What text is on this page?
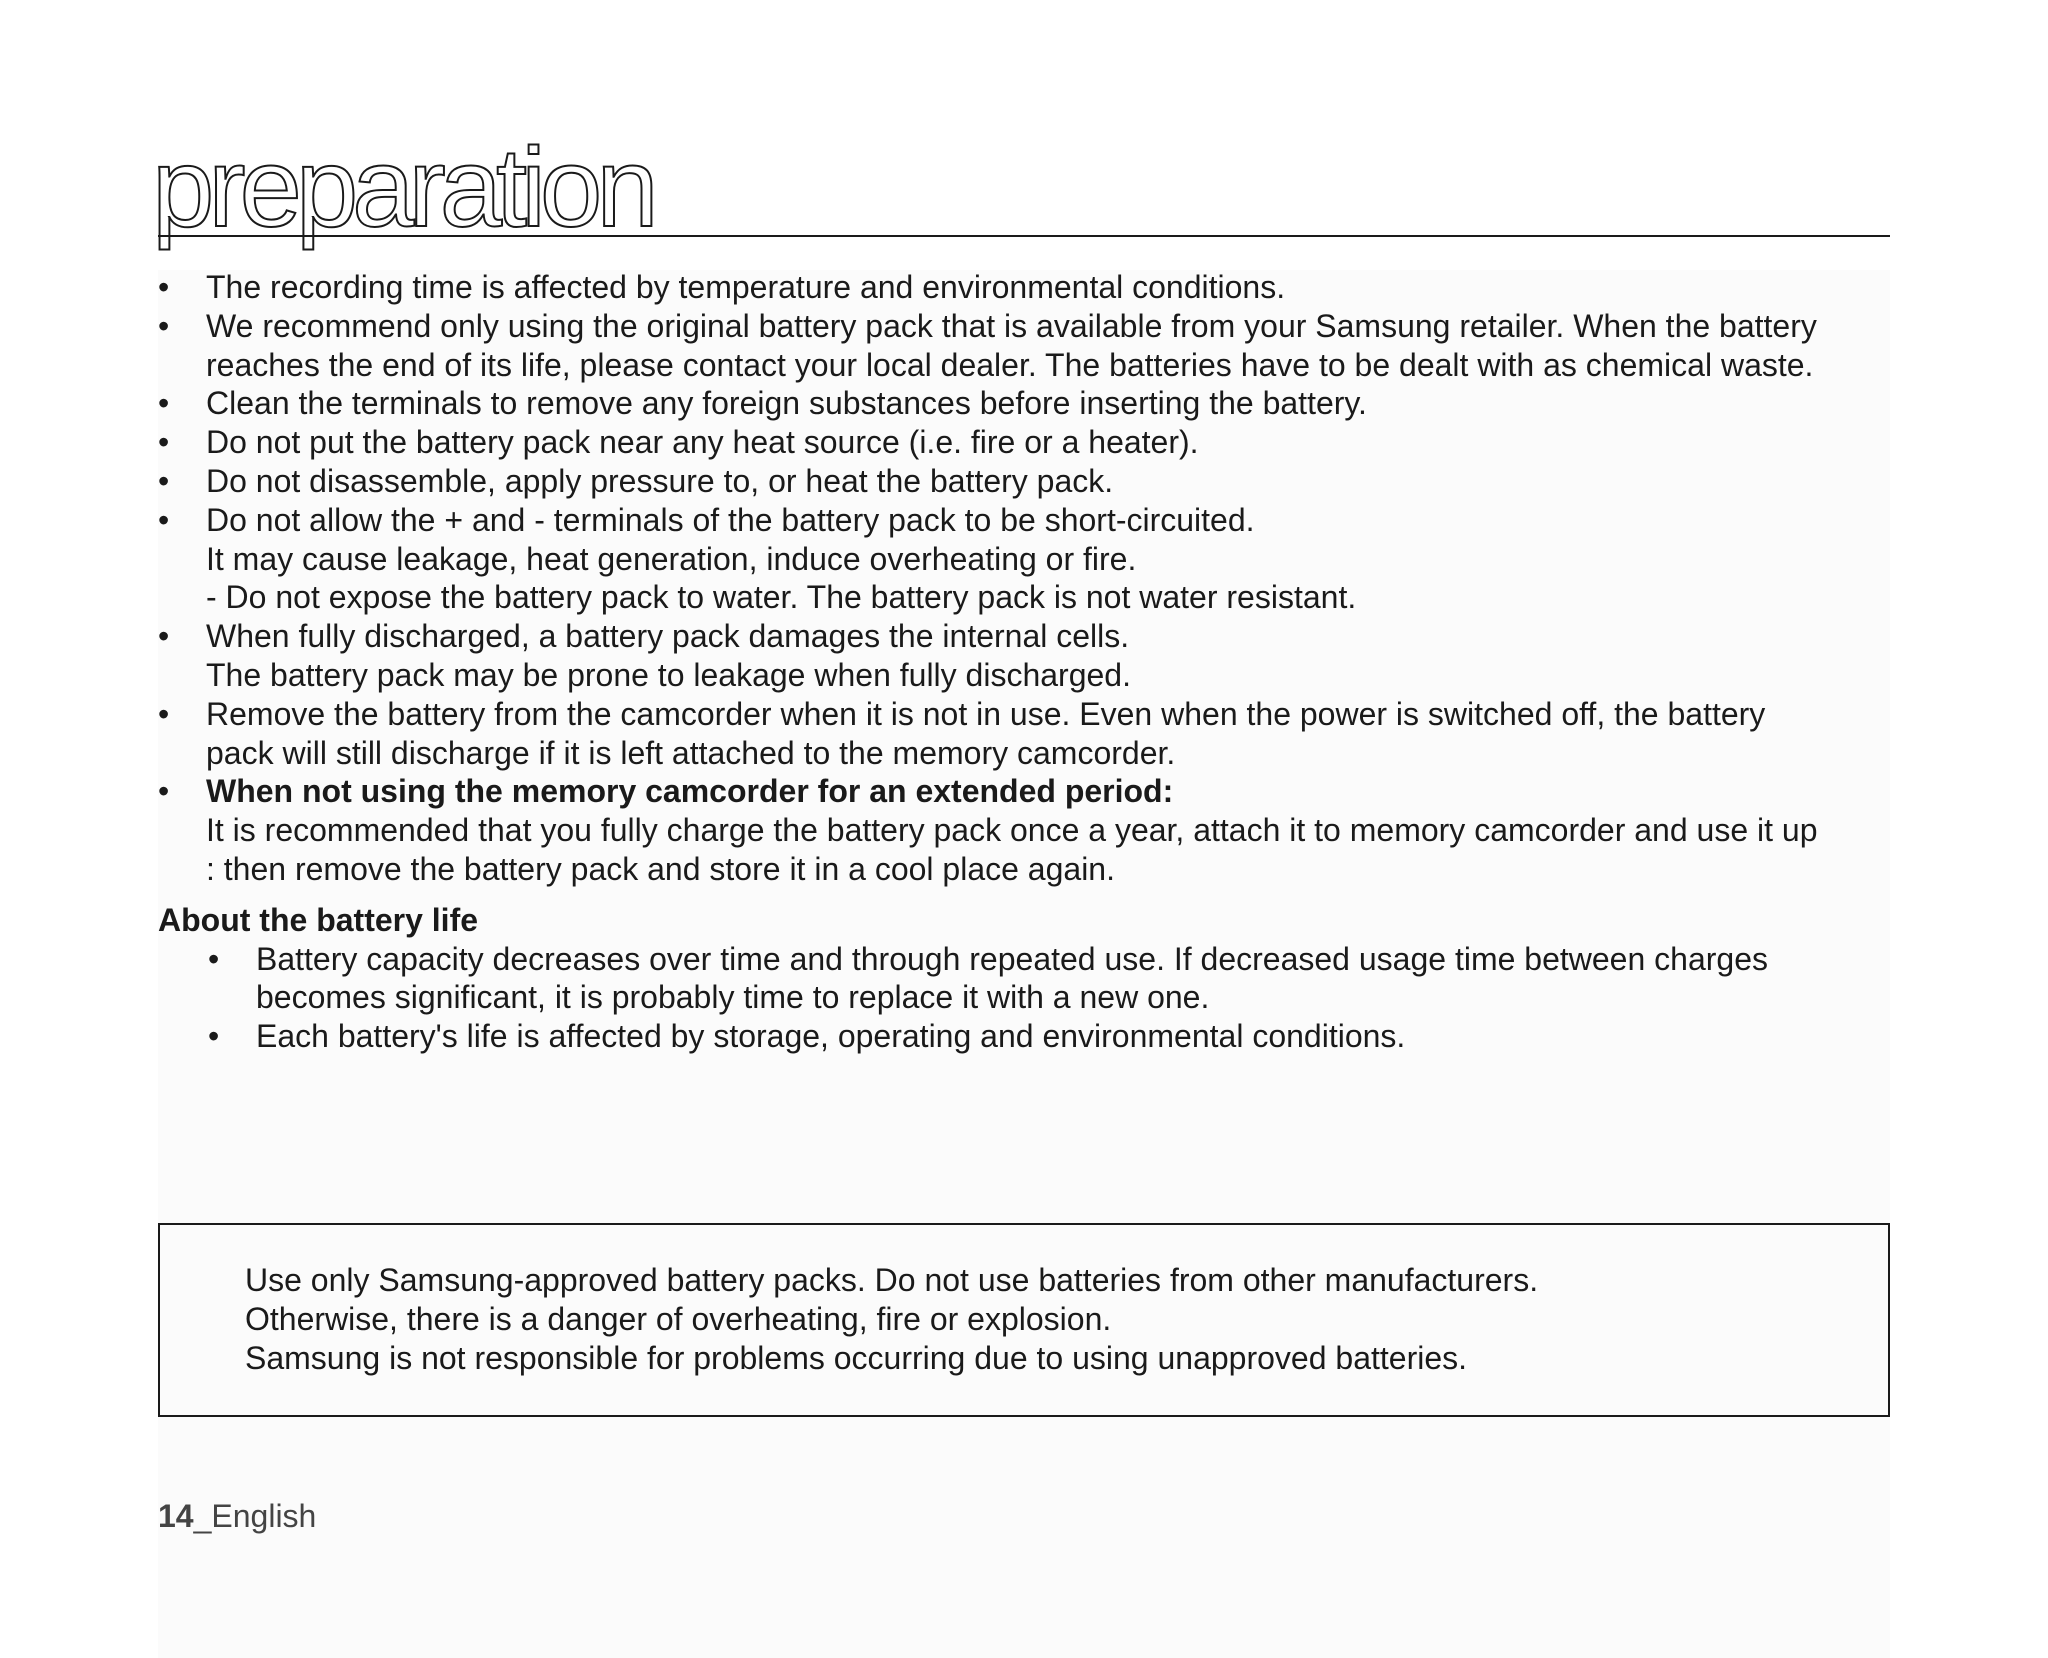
preparation
•	The recording time is affected by temperature and environmental conditions.
•	We recommend only using the original battery pack that is available from your Samsung retailer. When the battery
reaches the end of its life, please contact your local dealer. The batteries have to be dealt with as chemical waste.
•	Clean the terminals to remove any foreign substances before inserting the battery.
•	Do not put the battery pack near any heat source (i.e. fire or a heater).
•	Do not disassemble, apply pressure to, or heat the battery pack.
•	Do not allow the + and - terminals of the battery pack to be short-circuited.
It may cause leakage, heat generation, induce overheating or fire.
- Do not expose the battery pack to water. The battery pack is not water resistant.
•	When fully discharged, a battery pack damages the internal cells.
The battery pack may be prone to leakage when fully discharged.
•	Remove the battery from the camcorder when it is not in use. Even when the power is switched off, the battery
pack will still discharge if it is left attached to the memory camcorder.
•	When not using the memory camcorder for an extended period:
It is recommended that you fully charge the battery pack once a year, attach it to memory camcorder and use it up
: then remove the battery pack and store it in a cool place again.
About the battery life
• Battery capacity decreases over time and through repeated use. If decreased usage time between charges
becomes significant, it is probably time to replace it with a new one.
• Each battery's life is affected by storage, operating and environmental conditions.
Use only Samsung-approved battery packs. Do not use batteries from other manufacturers.
Otherwise, there is a danger of overheating, fire or explosion.
Samsung is not responsible for problems occurring due to using unapproved batteries.
14_English
